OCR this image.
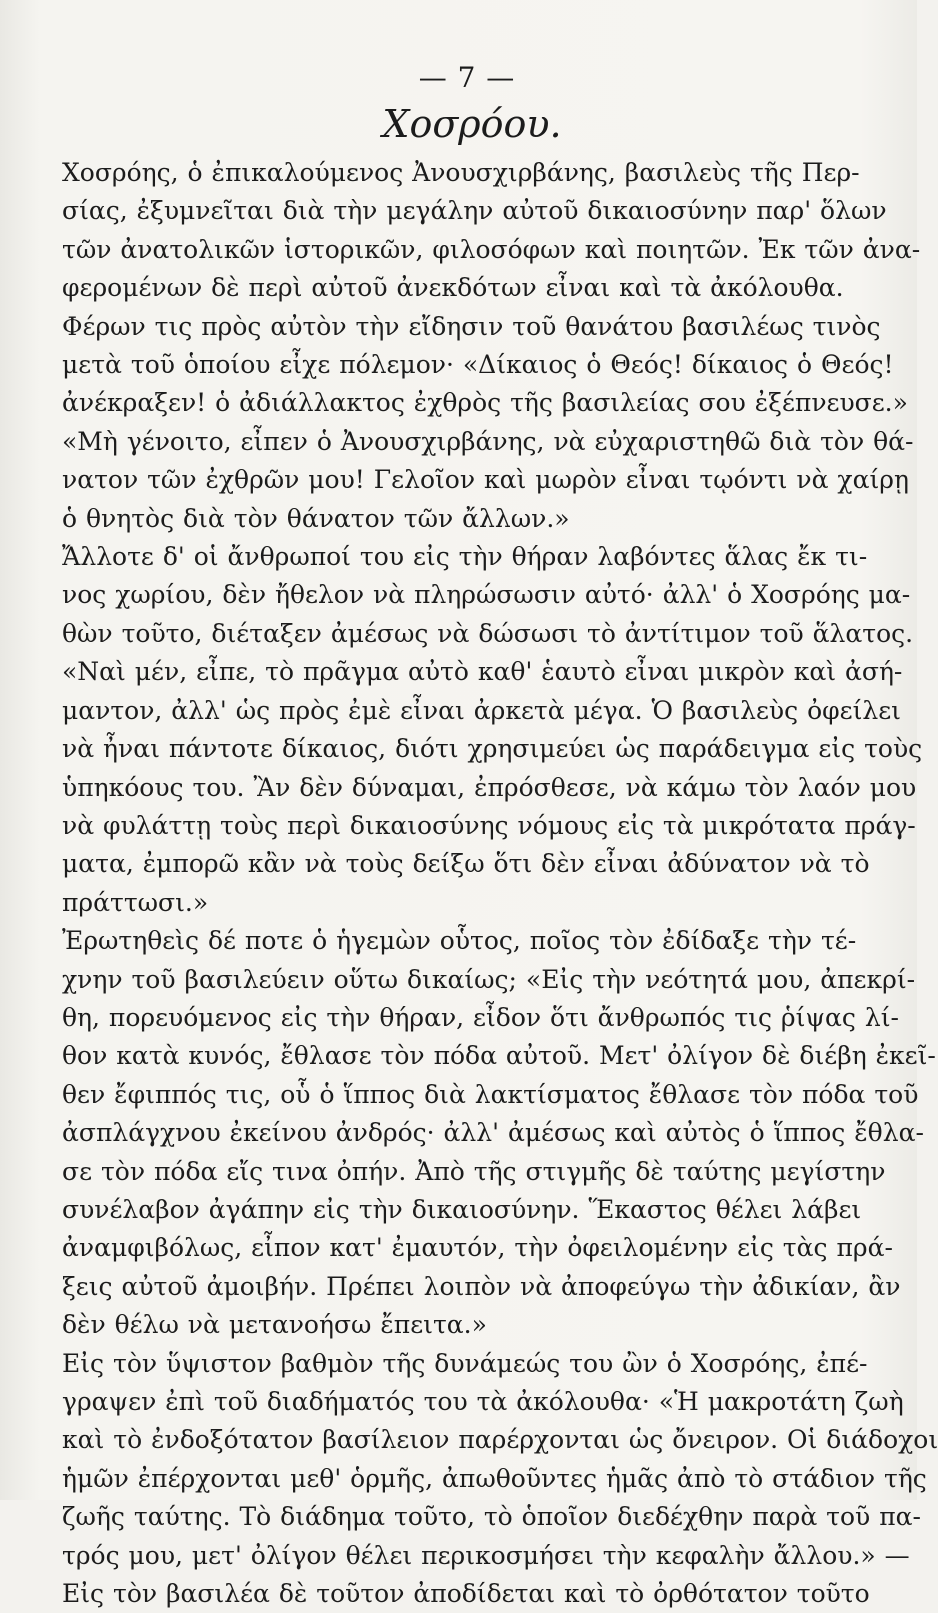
— 7 —
Χοσρόου.
Χοσρόης, ὁ ἐπικαλούμενος Ἀνουσχιρβάνης, βασιλεὺς τῆς Περ-
σίας, ἐξυμνεῖται διὰ τὴν μεγάλην αὐτοῦ δικαιοσύνην παρ' ὅλων
τῶν ἀνατολικῶν ἱστορικῶν, φιλοσόφων καὶ ποιητῶν. Ἐκ τῶν ἀνα-
φερομένων δὲ περὶ αὐτοῦ ἀνεκδότων εἶναι καὶ τὰ ἀκόλουθα.
Φέρων τις πρὸς αὐτὸν τὴν εἴδησιν τοῦ θανάτου βασιλέως τινὸς
μετὰ τοῦ ὁποίου εἶχε πόλεμον· «Δίκαιος ὁ Θεός! δίκαιος ὁ Θεός!
ἀνέκραξεν! ὁ ἀδιάλλακτος ἐχθρὸς τῆς βασιλείας σου ἐξέπνευσε.»
«Μὴ γένοιτο, εἶπεν ὁ Ἀνουσχιρβάνης, νὰ εὐχαριστηθῶ διὰ τὸν θά-
νατον τῶν ἐχθρῶν μου! Γελοῖον καὶ μωρὸν εἶναι τῳόντι νὰ χαίρῃ
ὁ θνητὸς διὰ τὸν θάνατον τῶν ἄλλων.»
Ἄλλοτε δ' οἱ ἄνθρωποί του εἰς τὴν θήραν λαβόντες ἅλας ἔκ τι-
νος χωρίου, δὲν ἤθελον νὰ πληρώσωσιν αὐτό· ἀλλ' ὁ Χοσρόης μα-
θὼν τοῦτο, διέταξεν ἀμέσως νὰ δώσωσι τὸ ἀντίτιμον τοῦ ἅλατος.
«Ναὶ μέν, εἶπε, τὸ πρᾶγμα αὐτὸ καθ' ἑαυτὸ εἶναι μικρὸν καὶ ἀσή-
μαντον, ἀλλ' ὡς πρὸς ἐμὲ εἶναι ἀρκετὰ μέγα. Ὁ βασιλεὺς ὀφείλει
νὰ ἦναι πάντοτε δίκαιος, διότι χρησιμεύει ὡς παράδειγμα εἰς τοὺς
ὑπηκόους του. Ἂν δὲν δύναμαι, ἐπρόσθεσε, νὰ κάμω τὸν λαόν μου
νὰ φυλάττῃ τοὺς περὶ δικαιοσύνης νόμους εἰς τὰ μικρότατα πράγ-
ματα, ἐμπορῶ κἂν νὰ τοὺς δείξω ὅτι δὲν εἶναι ἀδύνατον νὰ τὸ
πράττωσι.»
Ἐρωτηθεὶς δέ ποτε ὁ ἡγεμὼν οὗτος, ποῖος τὸν ἐδίδαξε τὴν τέ-
χνην τοῦ βασιλεύειν οὕτω δικαίως; «Εἰς τὴν νεότητά μου, ἀπεκρί-
θη, πορευόμενος εἰς τὴν θήραν, εἶδον ὅτι ἄνθρωπός τις ῥίψας λί-
θον κατὰ κυνός, ἔθλασε τὸν πόδα αὐτοῦ. Μετ' ὀλίγον δὲ διέβη ἐκεῖ-
θεν ἔφιππός τις, οὗ ὁ ἵππος διὰ λακτίσματος ἔθλασε τὸν πόδα τοῦ
ἀσπλάγχνου ἐκείνου ἀνδρός· ἀλλ' ἀμέσως καὶ αὐτὸς ὁ ἵππος ἔθλα-
σε τὸν πόδα εἴς τινα ὀπήν. Ἀπὸ τῆς στιγμῆς δὲ ταύτης μεγίστην
συνέλαβον ἀγάπην εἰς τὴν δικαιοσύνην. Ἕκαστος θέλει λάβει
ἀναμφιβόλως, εἶπον κατ' ἐμαυτόν, τὴν ὀφειλομένην εἰς τὰς πρά-
ξεις αὐτοῦ ἀμοιβήν. Πρέπει λοιπὸν νὰ ἀποφεύγω τὴν ἀδικίαν, ἂν
δὲν θέλω νὰ μετανοήσω ἔπειτα.»
Εἰς τὸν ὕψιστον βαθμὸν τῆς δυνάμεώς του ὢν ὁ Χοσρόης, ἐπέ-
γραψεν ἐπὶ τοῦ διαδήματός του τὰ ἀκόλουθα· «Ἡ μακροτάτη ζωὴ
καὶ τὸ ἐνδοξότατον βασίλειον παρέρχονται ὡς ὄνειρον. Οἱ διάδοχοι
ἡμῶν ἐπέρχονται μεθ' ὁρμῆς, ἀπωθοῦντες ἡμᾶς ἀπὸ τὸ στάδιον τῆς
ζωῆς ταύτης. Τὸ διάδημα τοῦτο, τὸ ὁποῖον διεδέχθην παρὰ τοῦ πα-
τρός μου, μετ' ὀλίγον θέλει περικοσμήσει τὴν κεφαλὴν ἄλλου.» —
Εἰς τὸν βασιλέα δὲ τοῦτον ἀποδίδεται καὶ τὸ ὀρθότατον τοῦτο
